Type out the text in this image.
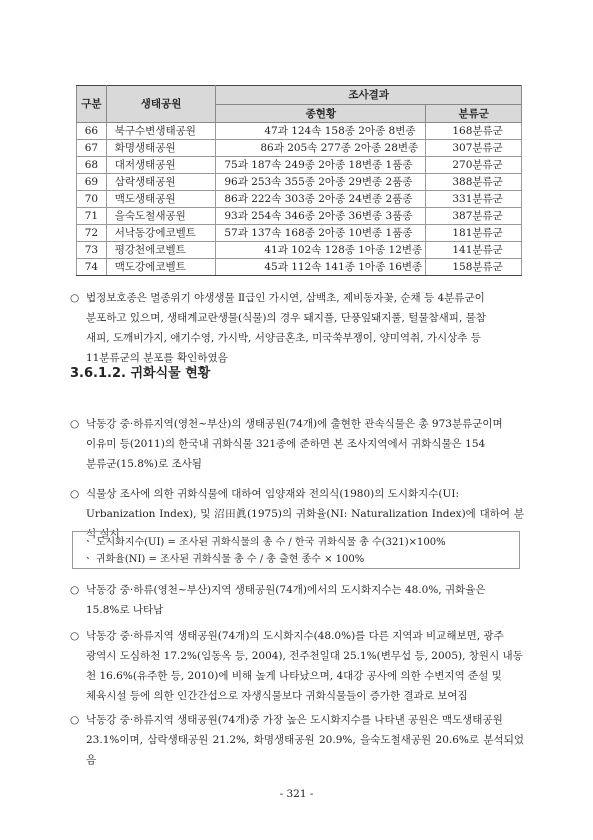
구분	생태공원	조사결과	
		종현황	분류군
66	북구수변생태공원	47과 124속 158종 2아종 8변종	168분류군
67	화명생태공원	86과 205속 277종 2아종 28변종	307분류군
68	대저생태공원	75과 187속 249종 2아종 18변종 1품종	270분류군
69	삼락생태공원	96과 253속 355종 2아종 29변종 2품종	388분류군
70	맥도생태공원	86과 222속 303종 2아종 24변종 2품종	331분류군
71	을숙도철새공원	93과 254속 346종 2아종 36변종 3품종	387분류군
72	서낙동강에코벨트	57과 137속 168종 2아종 10변종 1품종	181분류군
73	평강천에코벨트	41과 102속 128종 1아종 12변종	141분류군
74	맥도강에코벨트	45과 112속 141종 1아종 16변종	158분류군
○ 법정보호종은 멸종위기 야생생물 Ⅱ급인 가시연, 삼백초, 제비동자꽃, 순채 등 4분류군이
분포하고 있으며, 생태계교란생물(식물)의 경우 돼지풀, 단풍잎돼지풀, 털물참새피, 물참
새피, 도깨비가지, 애기수영, 가시박, 서양금혼초, 미국쑥부쟁이, 양미역취, 가시상추 등
11분류군의 분포를 확인하였음
3.6.1.2. 귀화식물 현황
○ 낙동강 중·하류지역(영천~부산)의 생태공원(74개)에 출현한 관속식물은 총 973분류군이며
이유미 등(2011)의 한국내 귀화식물 321종에 준하면 본 조사지역에서 귀화식물은 154
분류군(15.8%)로 조사됨
○ 식물상 조사에 의한 귀화식물에 대하여 임양재와 전의식(1980)의 도시화지수(UI:
Urbanization Index), 및 沼田眞(1975)의 귀화율(NI: Naturalization Index)에 대하여 분석 실시
ㆍ 도시화지수(UI) = 조사된 귀화식물의 총 수 / 한국 귀화식물 총 수(321)×100%
ㆍ 귀화율(NI) = 조사된 귀화식물 총 수 / 총 출현 종수 × 100%
○ 낙동강 중·하류(영천~부산)지역 생태공원(74개)에서의 도시화지수는 48.0%, 귀화율은
15.8%로 나타남
○ 낙동강 중·하류지역 생태공원(74개)의 도시화지수(48.0%)를 다른 지역과 비교해보면, 광주
광역시 도심하천 17.2%(임동옥 등, 2004), 전주천일대 25.1%(변무섭 등, 2005), 창원시 내동
천 16.6%(유주한 등, 2010)에 비해 높게 나타났으며, 4대강 공사에 의한 수변지역 준설 및
체육시설 등에 의한 인간간섭으로 자생식물보다 귀화식물들이 증가한 결과로 보여짐
○ 낙동강 중·하류지역 생태공원(74개)중 가장 높은 도시화지수를 나타낸 공원은 맥도생태공원
23.1%이며, 삼락생태공원 21.2%, 화명생태공원 20.9%, 을숙도철새공원 20.6%로 분석되었음
- 321 -
